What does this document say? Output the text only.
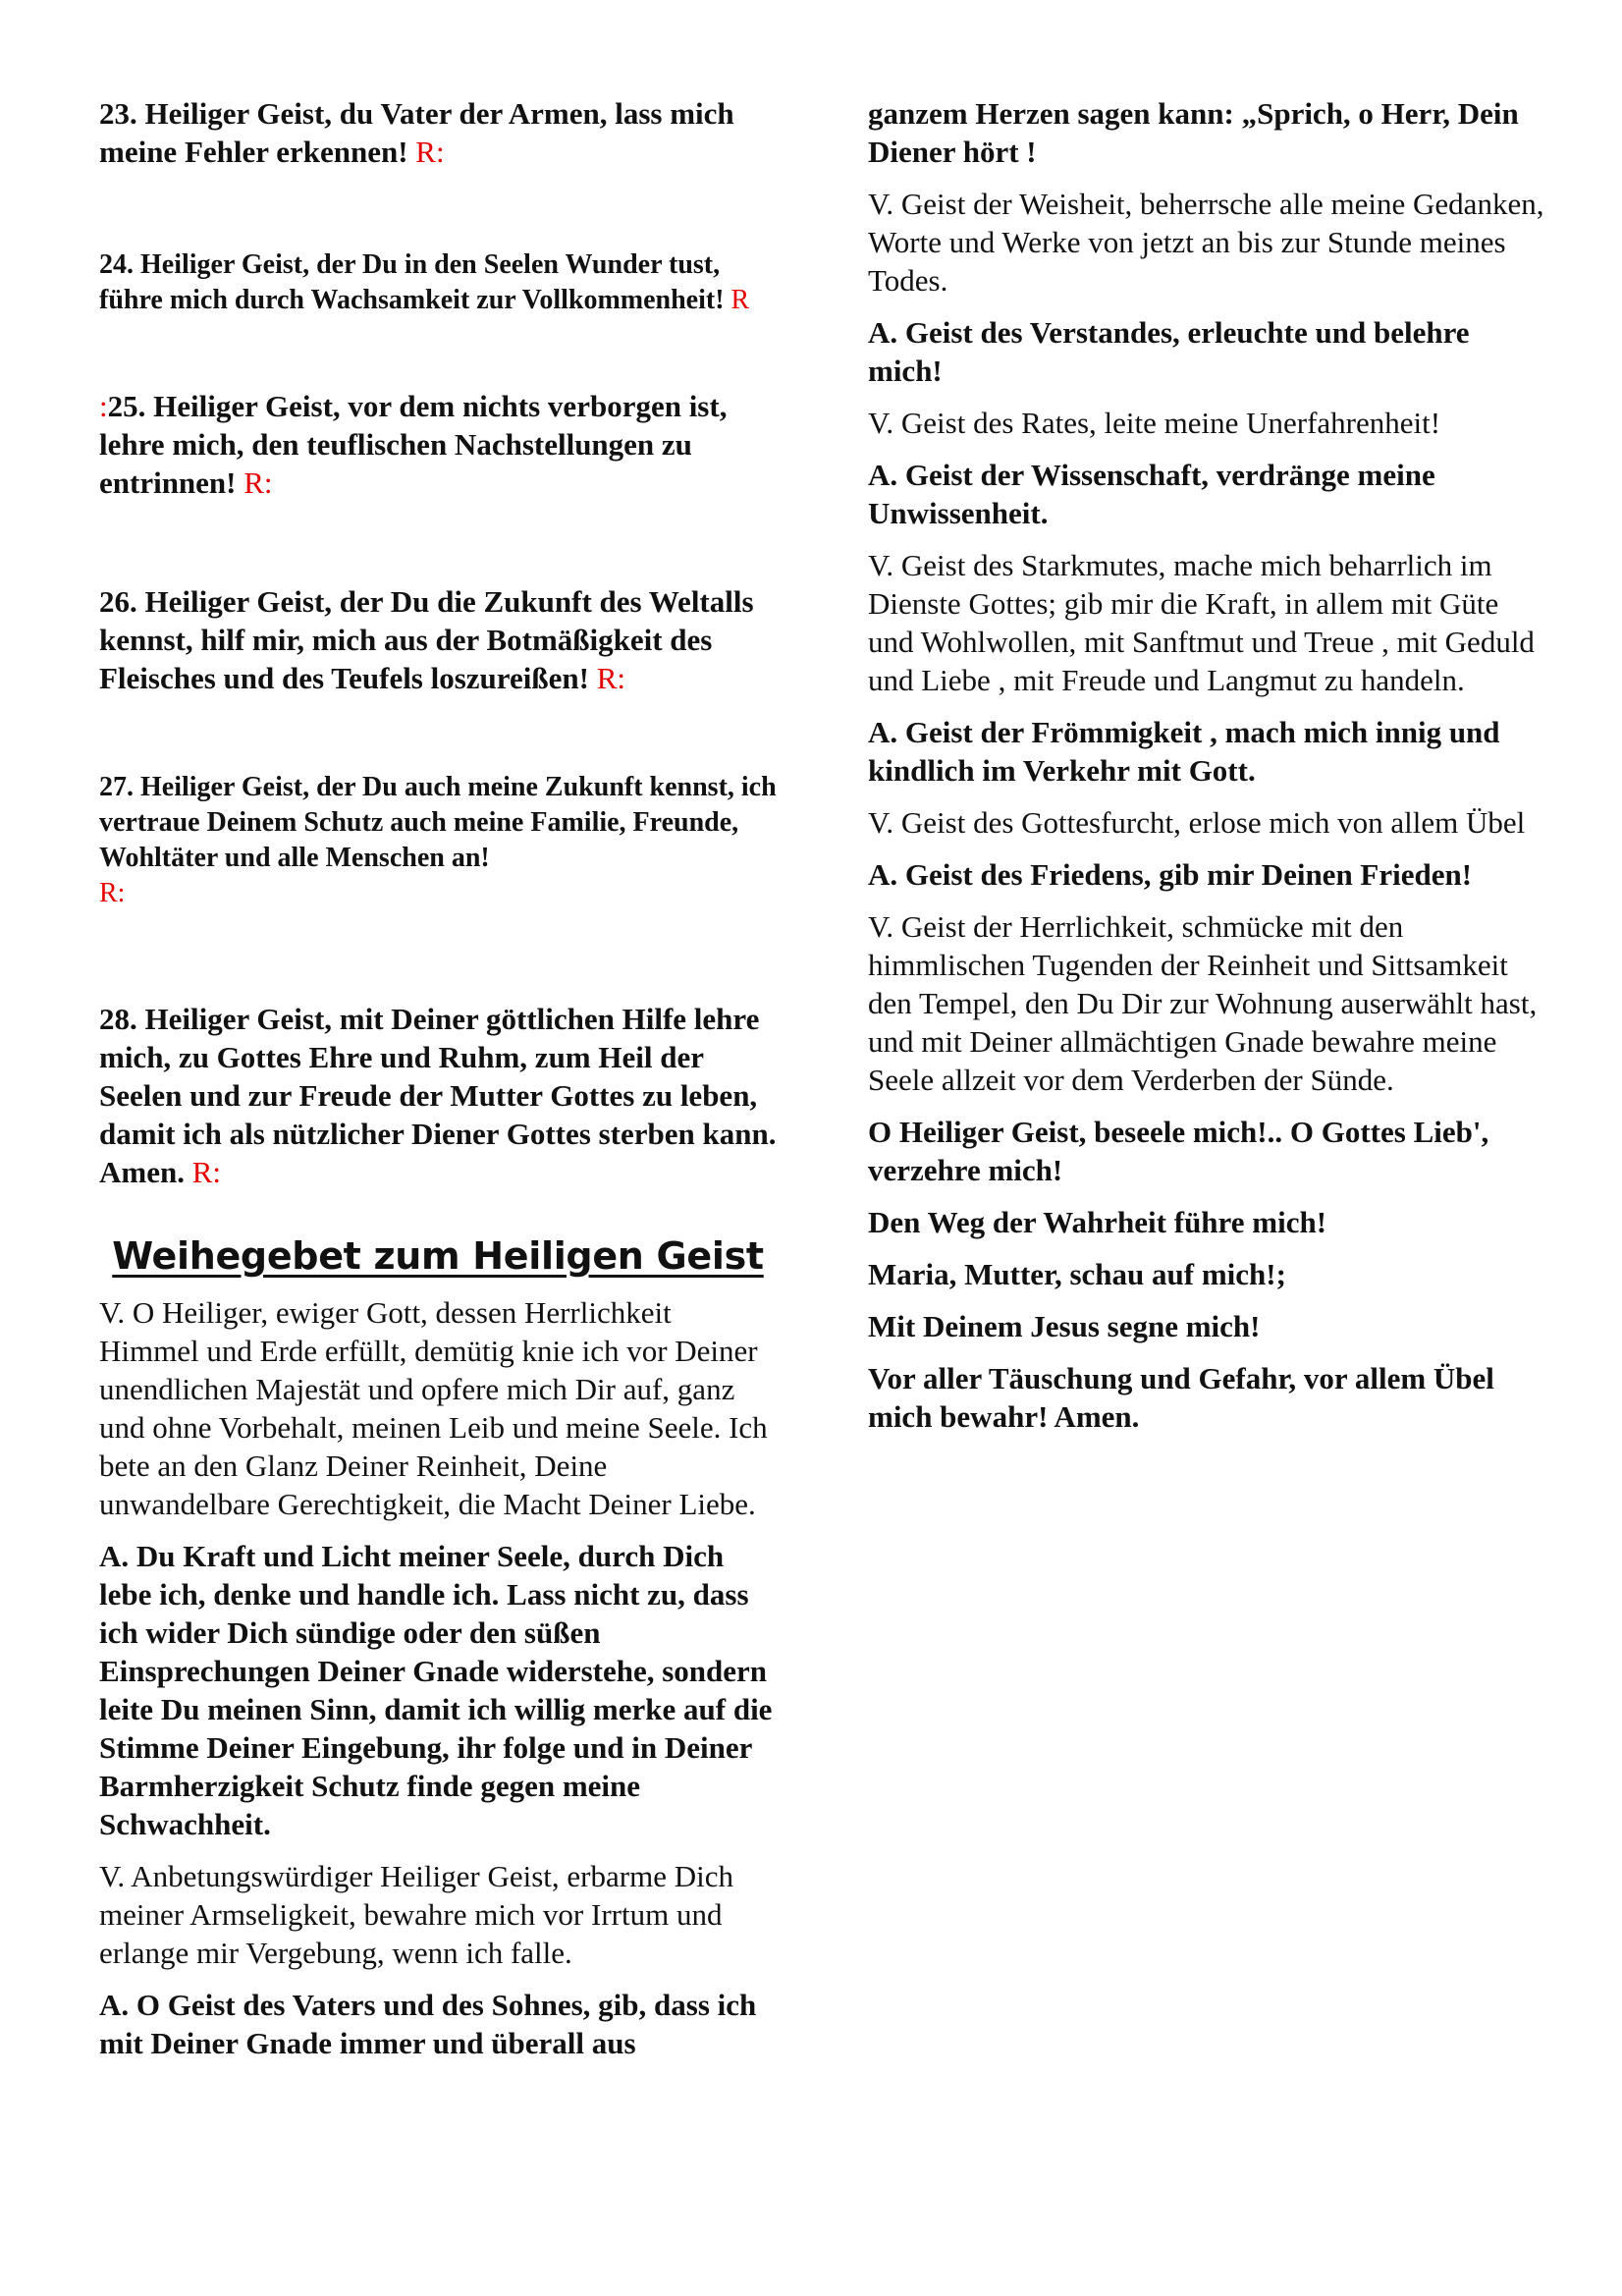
23. Heiliger Geist, du Vater der Armen, lass mich meine Fehler erkennen! R:

24. Heiliger Geist, der Du in den Seelen Wunder tust, führe mich durch Wachsamkeit zur Vollkommenheit! R

:25. Heiliger Geist, vor dem nichts verborgen ist, lehre mich, den teuflischen Nachstellungen zu entrinnen! R:

26. Heiliger Geist, der Du die Zukunft des Weltalls kennst, hilf mir, mich aus der Botmäßigkeit des Fleisches und des Teufels loszureißen! R:

27. Heiliger Geist, der Du auch meine Zukunft kennst, ich vertraue Deinem Schutz auch meine Familie, Freunde, Wohltäter und alle Menschen an!
R:

28. Heiliger Geist, mit Deiner göttlichen Hilfe lehre mich, zu Gottes Ehre und Ruhm, zum Heil der Seelen und zur Freude der Mutter Gottes zu leben, damit ich als nützlicher Diener Gottes sterben kann. Amen. R:

Weihegebet zum Heiligen Geist

V. O Heiliger, ewiger Gott, dessen Herrlichkeit Himmel und Erde erfüllt, demütig knie ich vor Deiner unendlichen Majestät und opfere mich Dir auf, ganz und ohne Vorbehalt, meinen Leib und meine Seele. Ich bete an den Glanz Deiner Reinheit, Deine unwandelbare Gerechtigkeit, die Macht Deiner Liebe.

A. Du Kraft und Licht meiner Seele, durch Dich lebe ich, denke und handle ich. Lass nicht zu, dass ich wider Dich sündige oder den süßen Einsprechungen Deiner Gnade widerstehe, sondern leite Du meinen Sinn, damit ich willig merke auf die Stimme Deiner Eingebung, ihr folge und in Deiner Barmherzigkeit Schutz finde gegen meine Schwachheit.

V. Anbetungswürdiger Heiliger Geist, erbarme Dich meiner Armseligkeit, bewahre mich vor Irrtum und erlange mir Vergebung, wenn ich falle.

A. O Geist des Vaters und des Sohnes, gib, dass ich mit Deiner Gnade immer und überall aus

ganzem Herzen sagen kann: „Sprich, o Herr, Dein Diener hört !

V. Geist der Weisheit, beherrsche alle meine Gedanken, Worte und Werke von jetzt an bis zur Stunde meines Todes.

A. Geist des Verstandes, erleuchte und belehre mich!

V. Geist des Rates, leite meine Unerfahrenheit!

A. Geist der Wissenschaft, verdränge meine Unwissenheit.

V. Geist des Starkmutes, mache mich beharrlich im Dienste Gottes; gib mir die Kraft, in allem mit Güte und Wohlwollen, mit Sanftmut und Treue , mit Geduld und Liebe , mit Freude und Langmut zu handeln.

A. Geist der Frömmigkeit , mach mich innig und kindlich im Verkehr mit Gott.

V. Geist des Gottesfurcht, erlose mich von allem Übel

A. Geist des Friedens, gib mir Deinen Frieden!

V. Geist der Herrlichkeit, schmücke mit den himmlischen Tugenden der Reinheit und Sittsamkeit den Tempel, den Du Dir zur Wohnung auserwählt hast, und mit Deiner allmächtigen Gnade bewahre meine Seele allzeit vor dem Verderben der Sünde.

O Heiliger Geist, beseele mich!.. O Gottes Lieb', verzehre mich!

Den Weg der Wahrheit führe mich!

Maria, Mutter, schau auf mich!;

Mit Deinem Jesus segne mich!

Vor aller Täuschung und Gefahr, vor allem Übel mich bewahr! Amen.
